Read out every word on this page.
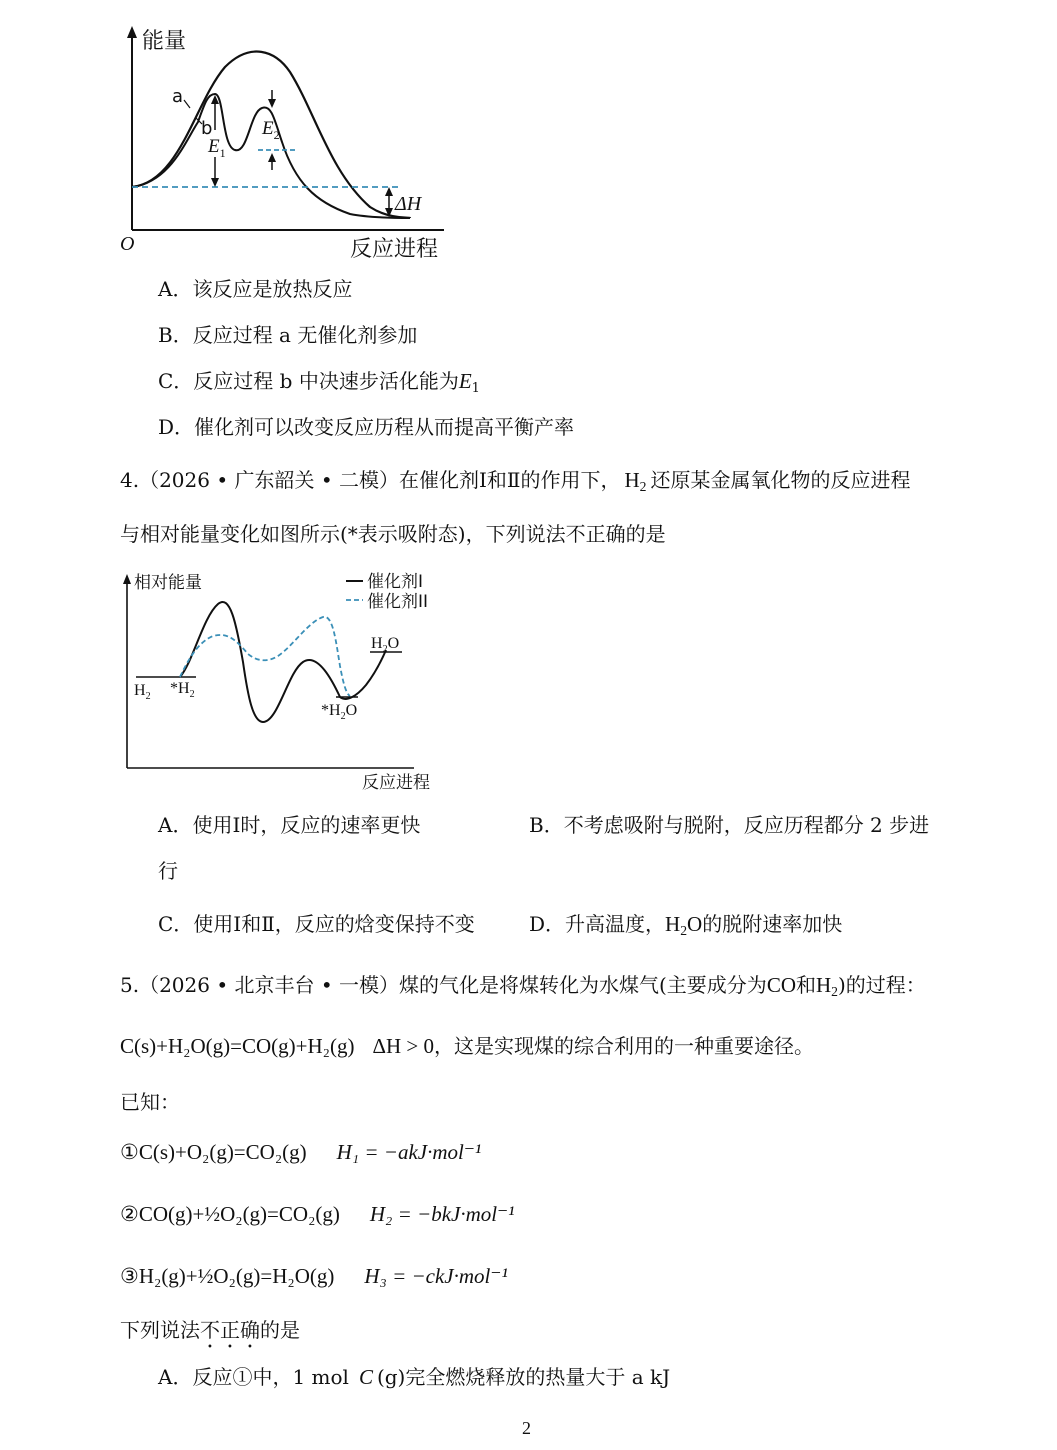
能量
反应进程
O
a
b
$E_1$
$E_2$
ΔH
A．该反应是放热反应
B．反应过程 a 无催化剂参加
C．反应过程 b 中决速步活化能为$E_1$
D．催化剂可以改变反应历程从而提高平衡产率
4.（2026 • 广东韶关 • 二模）在催化剂Ⅰ和Ⅱ的作用下， $H_2$ 还原某金属氧化物的反应进程
与相对能量变化如图所示(*表示吸附态)，下列说法不正确的是
催化剂I
催化剂II
相对能量
反应进程
$H_2$ $*H_2$
$*H_2O$
$H_2O$
A．使用Ⅰ时，反应的速率更快	B．不考虑吸附与脱附，反应历程都分 2 步进
行
C．使用Ⅰ和Ⅱ，反应的焓变保持不变	D．升高温度，$H_2O$的脱附速率加快
5.（2026 • 北京丰台 • 一模）煤的气化是将煤转化为水煤气(主要成分为CO和$H_2$)的过程：
C(s)+H₂O(g)=CO(g)+H₂(g) ΔH > 0，这是实现煤的综合利用的一种重要途径。
已知：
①C(s)+O₂(g)=CO₂(g) H₁ = −akJ·mol⁻¹
②CO(g)+½O₂(g)=CO₂(g) H₂ = −bkJ·mol⁻¹
③H₂(g)+½O₂(g)=H₂O(g) H₃ = −ckJ·mol⁻¹
下列说法不正确的是
A．反应①中，1 mol C (g)完全燃烧释放的热量大于 a kJ
2
